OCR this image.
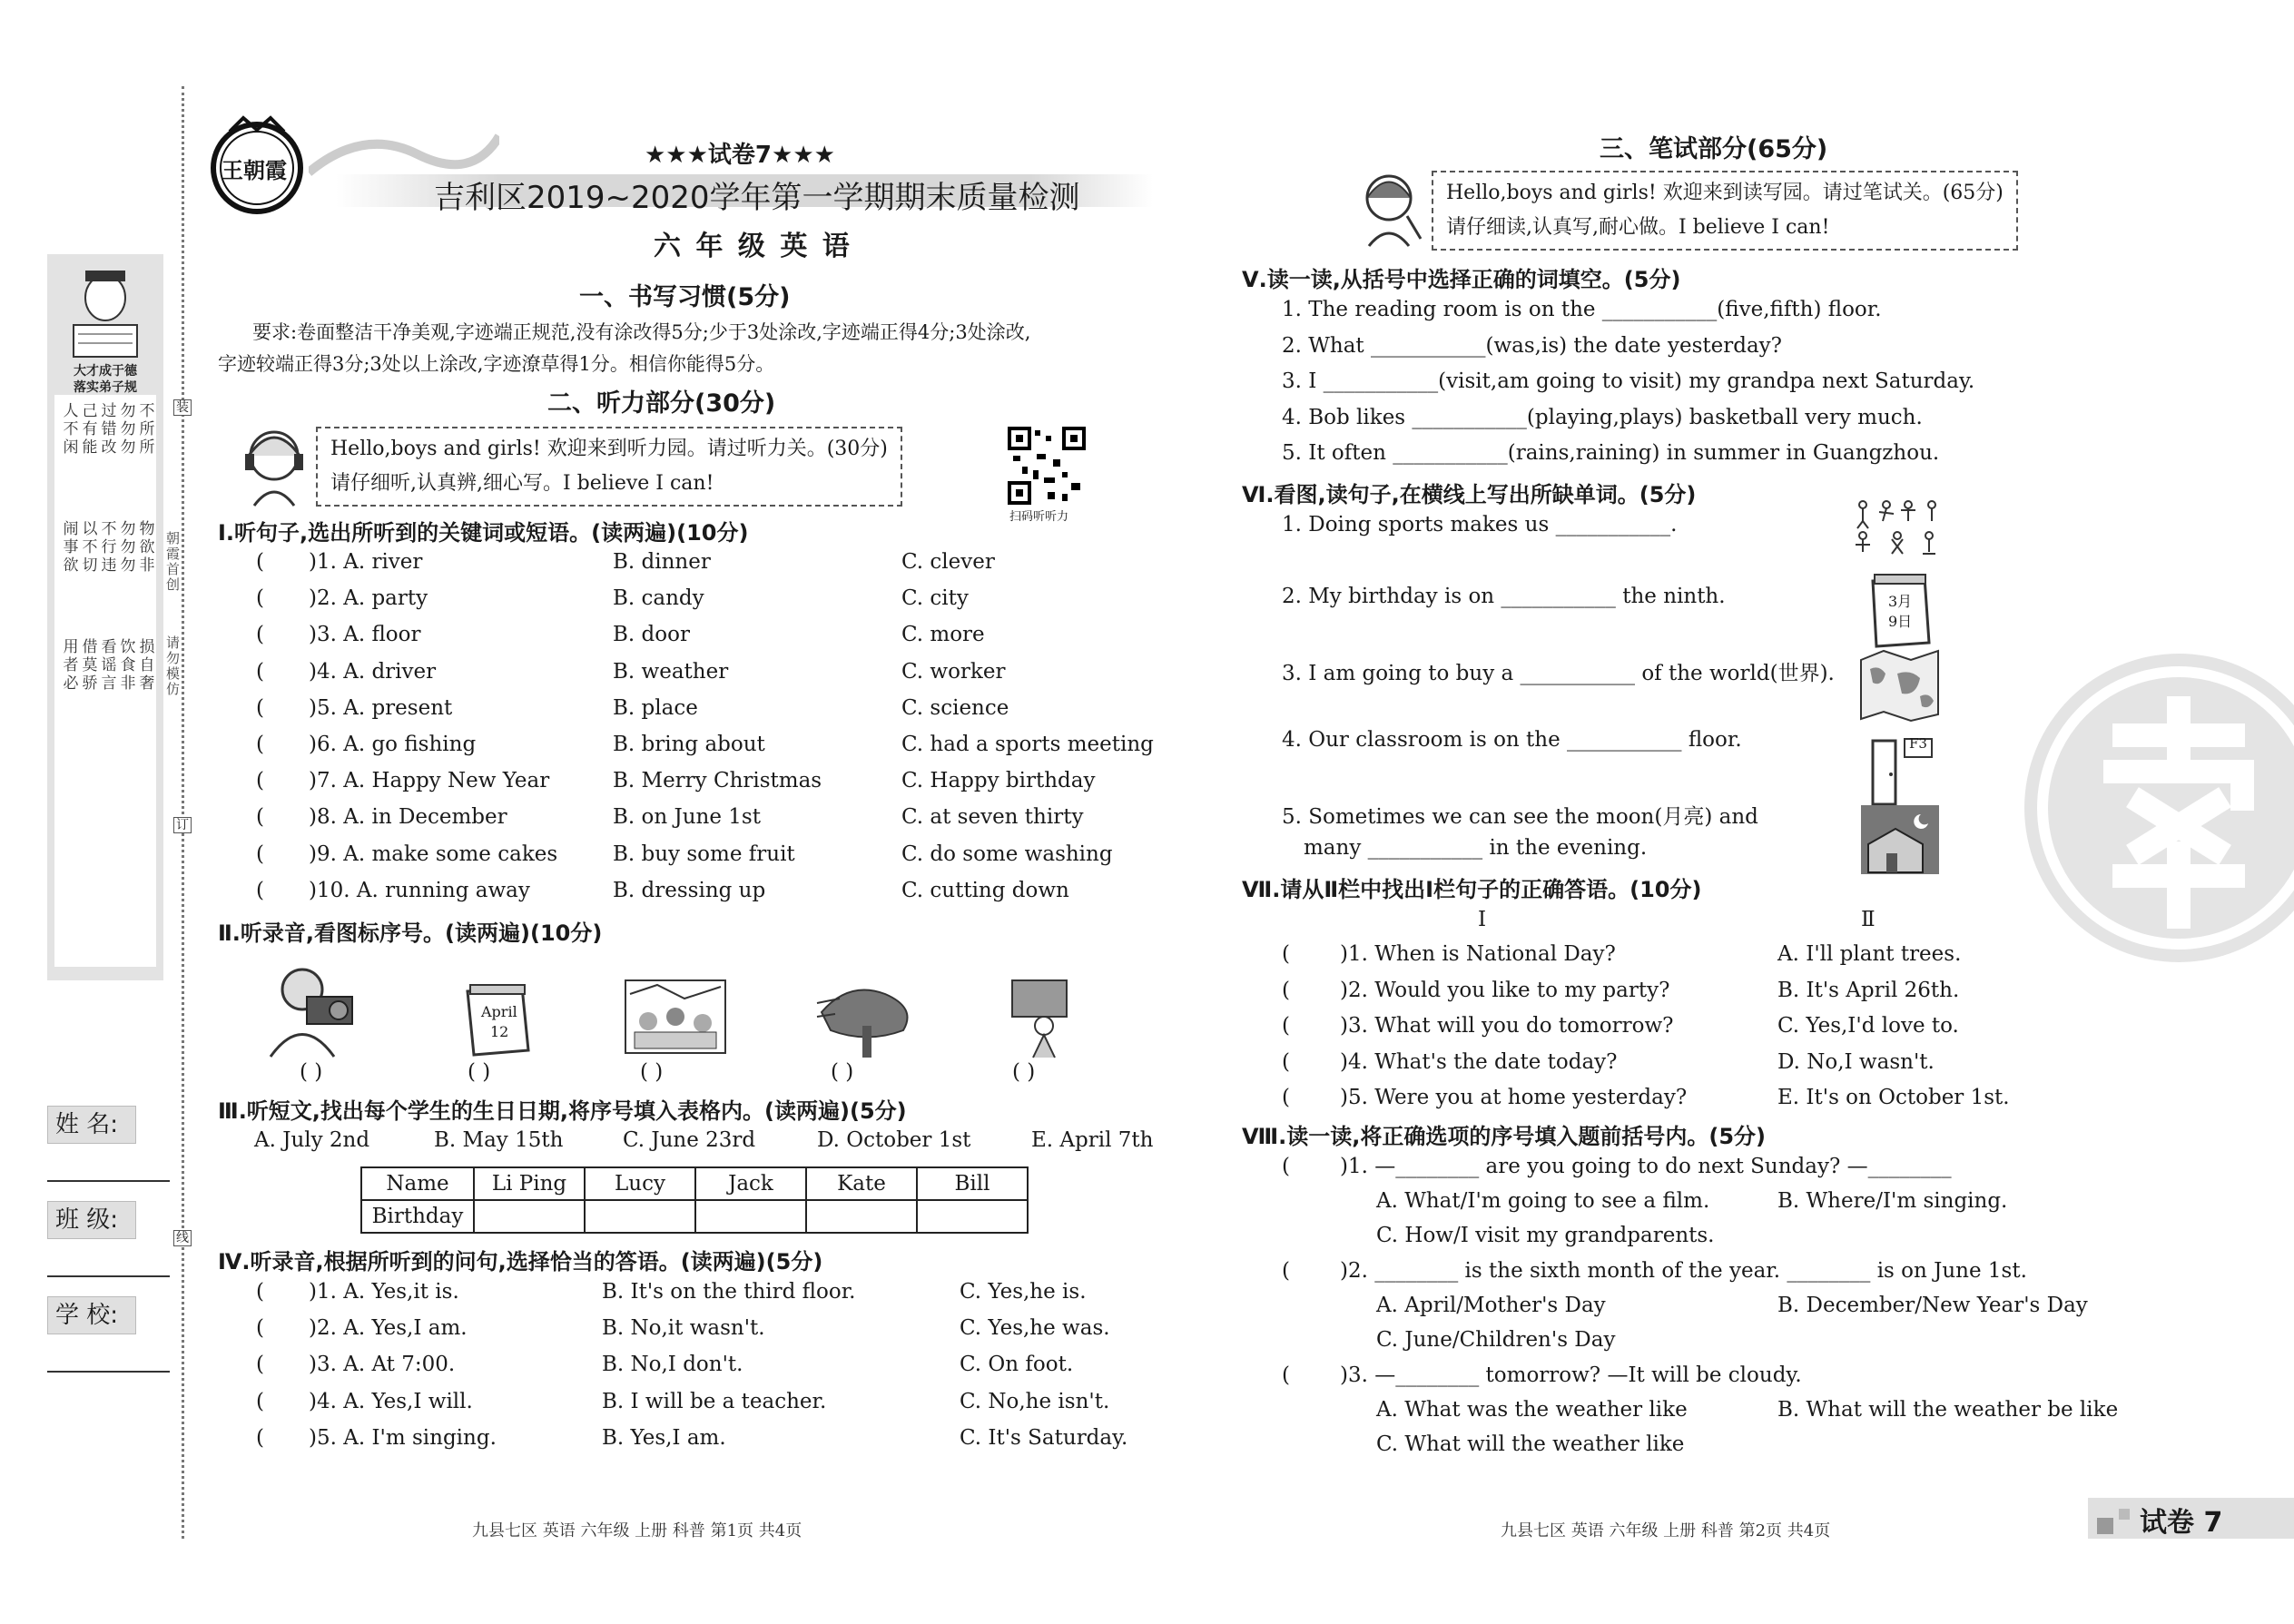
装
订
线
朝霞首创
请勿模仿
大才成于德
落实弟子规
人不闲
己有能
过错改
勿勿勿
不所所
闹事欲
以不切
不行违
勿勿勿
物欲非
用者必
借莫骄
看谣言
饮食非
损自奢
姓 名:
班 级:
学 校:
王朝霞
★★★试卷7★★★
吉利区2019~2020学年第一学期期末质量检测
六 年 级 英 语
一、书写习惯(5分)
要求:卷面整洁干净美观,字迹端正规范,没有涂改得5分;少于3处涂改,字迹端正得4分;3处涂改,
字迹较端正得3分;3处以上涂改,字迹潦草得1分。相信你能得5分。
二、听力部分(30分)
Hello,boys and girls! 欢迎来到听力园。请过听力关。(30分)
请仔细听,认真辨,细心写。I believe I can!
扫码听听力
Ⅰ.听句子,选出所听到的关键词或短语。(读两遍)(10分)
Ⅱ.听录音,看图标序号。(读两遍)(10分)
April
12
( )	( )	( )	( )	( )
Ⅲ.听短文,找出每个学生的生日日期,将序号填入表格内。(读两遍)(5分)
A. July 2nd	B. May 15th	C. June 23rd	D. October 1st	E. April 7th
Name	Li Ping	Lucy	Jack	Kate	Bill
Birthday					
Ⅳ.听录音,根据所听到的问句,选择恰当的答语。(读两遍)(5分)
九县七区 英语 六年级 上册 科普 第1页 共4页
三、笔试部分(65分)
Hello,boys and girls! 欢迎来到读写园。请过笔试关。(65分)
请仔细读,认真写,耐心做。I believe I can!
Ⅴ.读一读,从括号中选择正确的词填空。(5分)
Ⅵ.看图,读句子,在横线上写出所缺单词。(5分)
1. Doing sports makes us ___________.
2. My birthday is on ___________ the ninth.
3. I am going to buy a ___________ of the world(世界).
4. Our classroom is on the ___________ floor.
5. Sometimes we can see the moon(月亮) and
many ___________ in the evening.
3月
9日
F3
Ⅶ.请从Ⅱ栏中找出Ⅰ栏句子的正确答语。(10分)
Ⅰ	Ⅱ
Ⅷ.读一读,将正确选项的序号填入题前括号内。(5分)
( )1. —________ are you going to do next Sunday? —________
A. What/I'm going to see a film.	B. Where/I'm singing.
C. How/I visit my grandparents.
( )2. ________ is the sixth month of the year. ________ is on June 1st.
A. April/Mother's Day	B. December/New Year's Day
C. June/Children's Day
( )3. —________ tomorrow? —It will be cloudy.
A. What was the weather like	B. What will the weather be like
C. What will the weather like
九县七区 英语 六年级 上册 科普 第2页 共4页	试卷 7
( )1. A. river	B. dinner	C. clever
( )2. A. party	B. candy	C. city
( )3. A. floor	B. door	C. more
( )4. A. driver	B. weather	C. worker
( )5. A. present	B. place	C. science
( )6. A. go fishing	B. bring about	C. had a sports meeting
( )7. A. Happy New Year	B. Merry Christmas	C. Happy birthday
( )8. A. in December	B. on June 1st	C. at seven thirty
( )9. A. make some cakes	B. buy some fruit	C. do some washing
( )10. A. running away	B. dressing up	C. cutting down
( )1. A. Yes,it is.	B. It's on the third floor.	C. Yes,he is.
( )2. A. Yes,I am.	B. No,it wasn't.	C. Yes,he was.
( )3. A. At 7:00.	B. No,I don't.	C. On foot.
( )4. A. Yes,I will.	B. I will be a teacher.	C. No,he isn't.
( )5. A. I'm singing.	B. Yes,I am.	C. It's Saturday.
1. The reading room is on the ___________(five,fifth) floor.
2. What ___________(was,is) the date yesterday?
3. I ___________(visit,am going to visit) my grandpa next Saturday.
4. Bob likes ___________(playing,plays) basketball very much.
5. It often ___________(rains,raining) in summer in Guangzhou.
( )1. When is National Day?	A. I'll plant trees.
( )2. Would you like to my party?	B. It's April 26th.
( )3. What will you do tomorrow?	C. Yes,I'd love to.
( )4. What's the date today?	D. No,I wasn't.
( )5. Were you at home yesterday?	E. It's on October 1st.
